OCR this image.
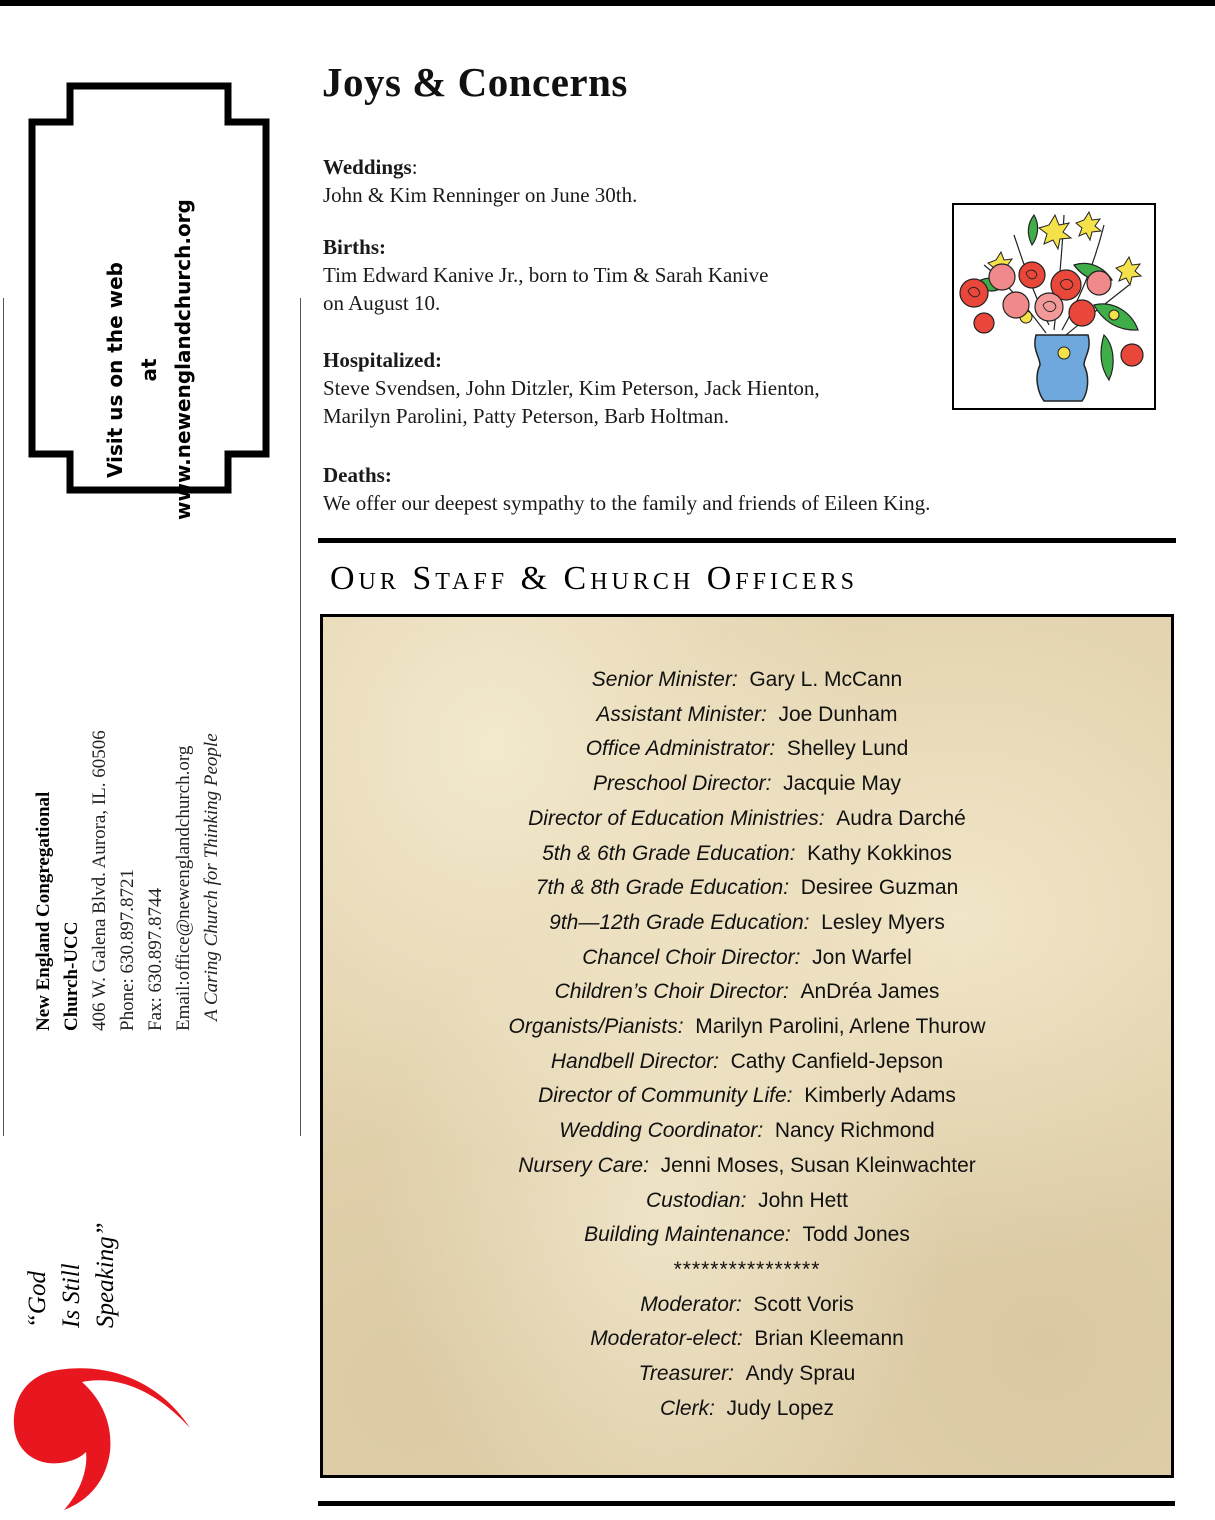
Visit us on the web at www.newenglandchurch.org
New England Congregational Church-UCC 406 W. Galena Blvd. Aurora, IL. 60506 Phone: 630.897.8721 Fax: 630.897.8744 Email:office@newenglandchurch.org A Caring Church for Thinking People
“God Is Still Speaking”
Joys & Concerns
Weddings:
John & Kim Renninger on June 30th.
Births:
Tim Edward Kanive Jr., born to Tim & Sarah Kanive
on August 10.
Hospitalized:
Steve Svendsen, John Ditzler, Kim Peterson, Jack Hienton,
Marilyn Parolini, Patty Peterson, Barb Holtman.
Deaths:
We offer our deepest sympathy to the family and friends of Eileen King.
Our Staff & Church Officers
Senior Minister: Gary L. McCann
Assistant Minister: Joe Dunham
Office Administrator: Shelley Lund
Preschool Director: Jacquie May
Director of Education Ministries: Audra Darché
5th & 6th Grade Education: Kathy Kokkinos
7th & 8th Grade Education: Desiree Guzman
9th—12th Grade Education: Lesley Myers
Chancel Choir Director: Jon Warfel
Children’s Choir Director: AnDréa James
Organists/Pianists: Marilyn Parolini, Arlene Thurow
Handbell Director: Cathy Canfield-Jepson
Director of Community Life: Kimberly Adams
Wedding Coordinator: Nancy Richmond
Nursery Care: Jenni Moses, Susan Kleinwachter
Custodian: John Hett
Building Maintenance: Todd Jones
****************
Moderator: Scott Voris
Moderator-elect: Brian Kleemann
Treasurer: Andy Sprau
Clerk: Judy Lopez
